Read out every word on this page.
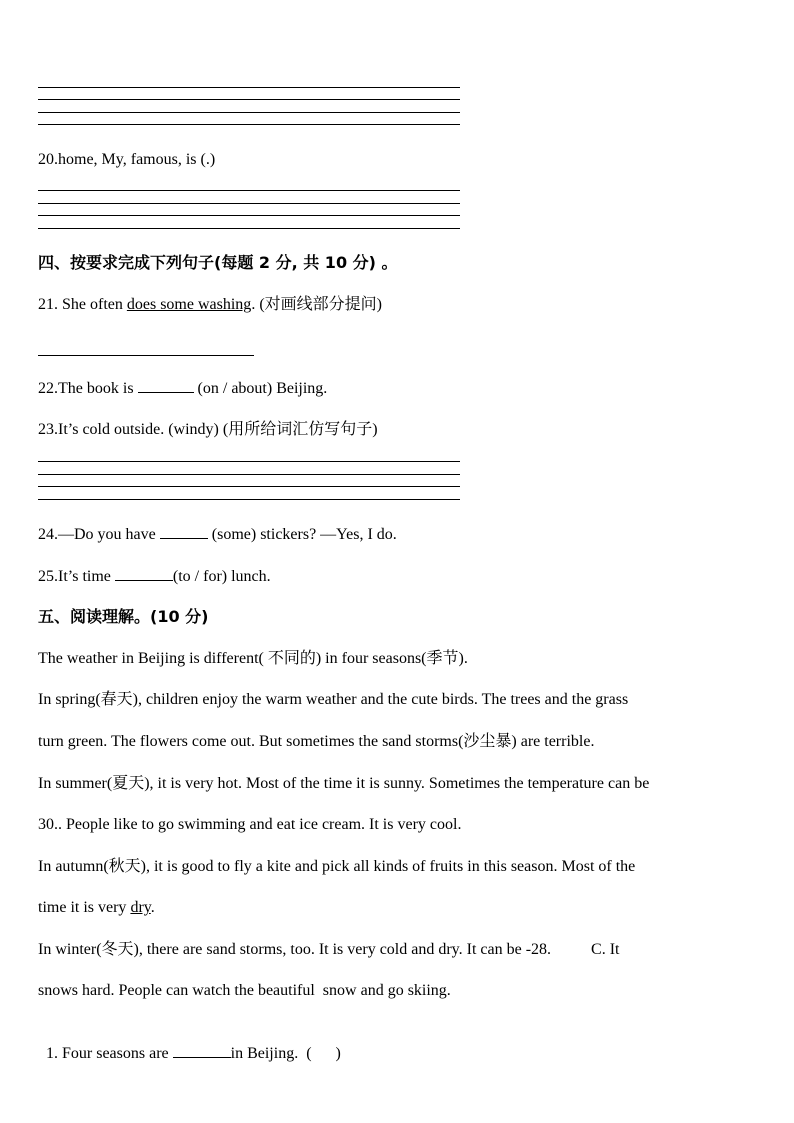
20.home, My, famous, is (.)
四、按要求完成下列句子(每题 2 分, 共 10 分) 。
21. She often does some washing. (对画线部分提问)
22.The book is	(on / about) Beijing.
23.It’s cold outside. (windy) (用所给词汇仿写句子)
24.—Do you have	(some) stickers? —Yes, I do.
25.It’s time	(to / for) lunch.
五、阅读理解。(10 分)
The weather in Beijing is different( 不同的) in four seasons(季节).
In spring(春天), children enjoy the warm weather and the cute birds. The trees and the grass
turn green. The flowers come out. But sometimes the sand storms(沙尘暴) are terrible.
In summer(夏天), it is very hot. Most of the time it is sunny. Sometimes the temperature can be
30.. People like to go swimming and eat ice cream. It is very cool.
In autumn(秋天), it is good to fly a kite and pick all kinds of fruits in this season. Most of the
time it is very dry.
In winter(冬天), there are sand storms, too. It is very cold and dry. It can be -28.          C. It
snows hard. People can watch the beautiful  snow and go skiing.

1. Four seasons are	in Beijing.  (      )
